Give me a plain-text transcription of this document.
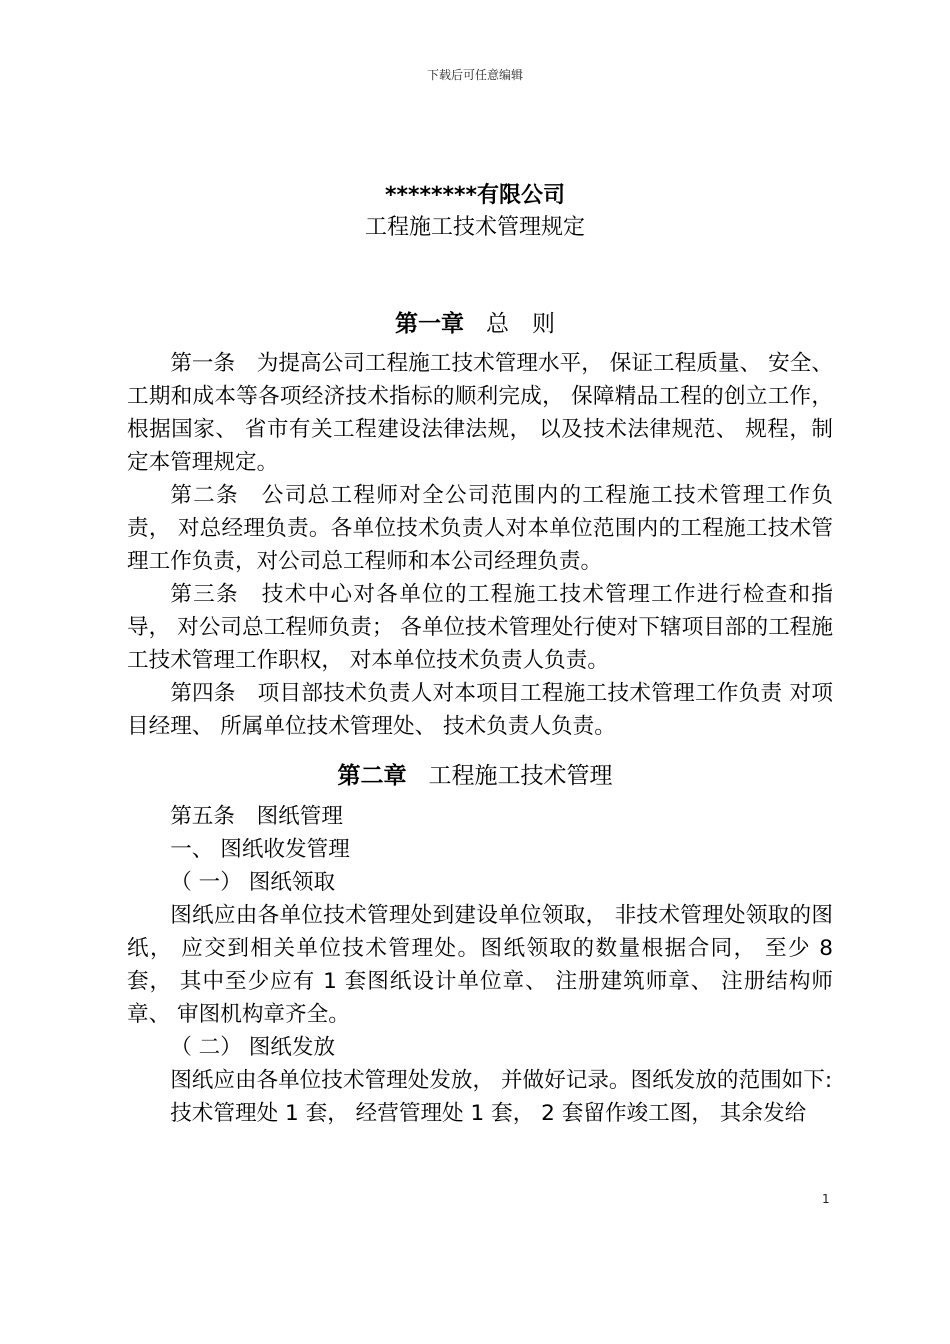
下载后可任意编辑
********有限公司
工程施工技术管理规定
第一章 总　则

第一条　为提高公司工程施工技术管理水平， 保证工程质量、 安全、 工期和成本等各项经济技术指标的顺利完成， 保障精品工程的创立工作， 根据国家、 省市有关工程建设法律法规， 以及技术法律规范、 规程，制定本管理规定。

第二条　公司总工程师对全公司范围内的工程施工技术管理工作负责， 对总经理负责。各单位技术负责人对本单位范围内的工程施工技术管理工作负责，对公司总工程师和本公司经理负责。

第三条　技术中心对各单位的工程施工技术管理工作进行检查和指导， 对公司总工程师负责； 各单位技术管理处行使对下辖项目部的工程施工技术管理工作职权， 对本单位技术负责人负责。

第四条　项目部技术负责人对本项目工程施工技术管理工作负责 对项目经理、 所属单位技术管理处、 技术负责人负责。

第二章 工程施工技术管理

第五条　图纸管理

一、 图纸收发管理

（ 一） 图纸领取

图纸应由各单位技术管理处到建设单位领取， 非技术管理处领取的图纸， 应交到相关单位技术管理处。图纸领取的数量根据合同， 至少 8 套， 其中至少应有 1 套图纸设计单位章、 注册建筑师章、 注册结构师章、 审图机构章齐全。

（ 二） 图纸发放

图纸应由各单位技术管理处发放， 并做好记录。图纸发放的范围如下:

技术管理处 1 套， 经营管理处 1 套， 2 套留作竣工图， 其余发给

1
